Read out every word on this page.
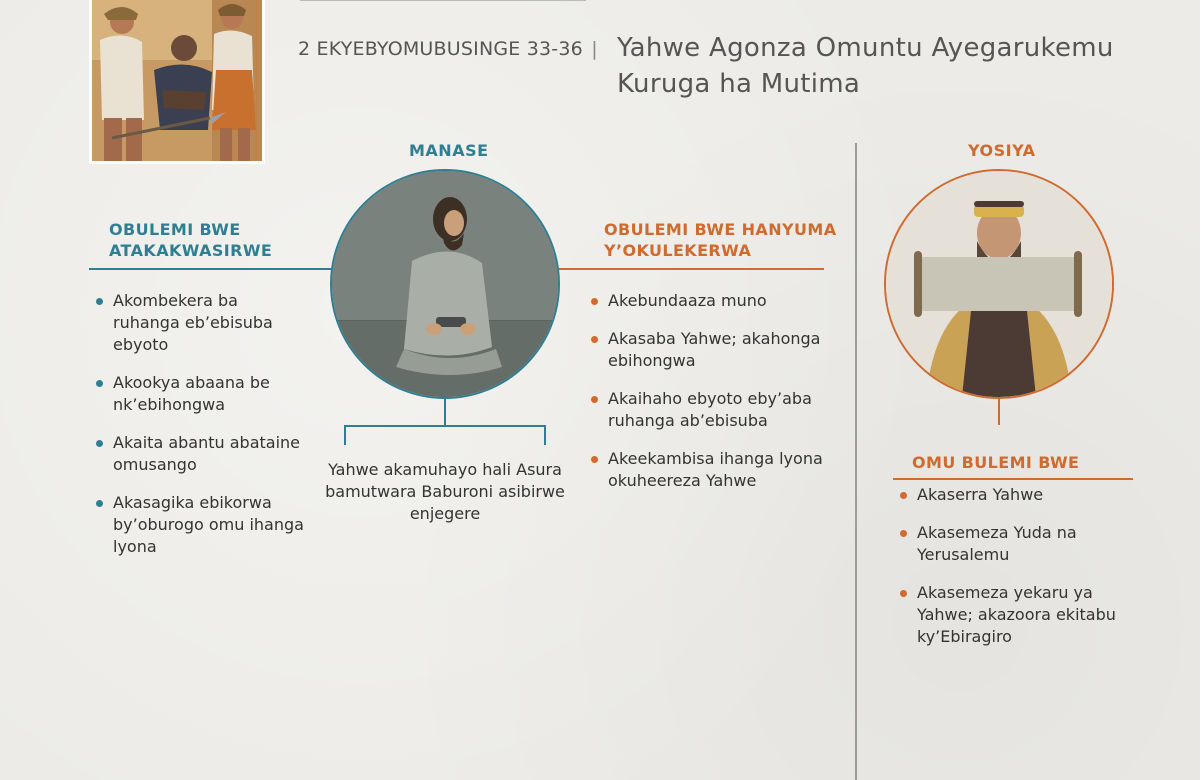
2 EKYEBYOMUBUSINGE 33-36 | Yahwe Agonza Omuntu Ayegarukemu Kuruga ha Mutima
MANASE
OBULEMI BWE ATAKAKWASIRWE
OBULEMI BWE HANYUMA Y’OKULEKERWA
Akombekera ba ruhanga eb’ebisuba ebyoto
Akookya abaana be nk’ebihongwa
Akaita abantu abataine omusango
Akasagika ebikorwa by’oburogo omu ihanga lyona
Akebundaaza muno
Akasaba Yahwe; akahonga ebihongwa
Akaihaho ebyoto eby’aba ruhanga ab’ebisuba
Akeekambisa ihanga lyona okuheereza Yahwe
Yahwe akamuhayo hali Asura bamutwara Baburoni asibirwe enjegere
YOSIYA
OMU BULEMI BWE
Akaserra Yahwe
Akasemeza Yuda na Yerusalemu
Akasemeza yekaru ya Yahwe; akazoora ekitabu ky’Ebiragiro
